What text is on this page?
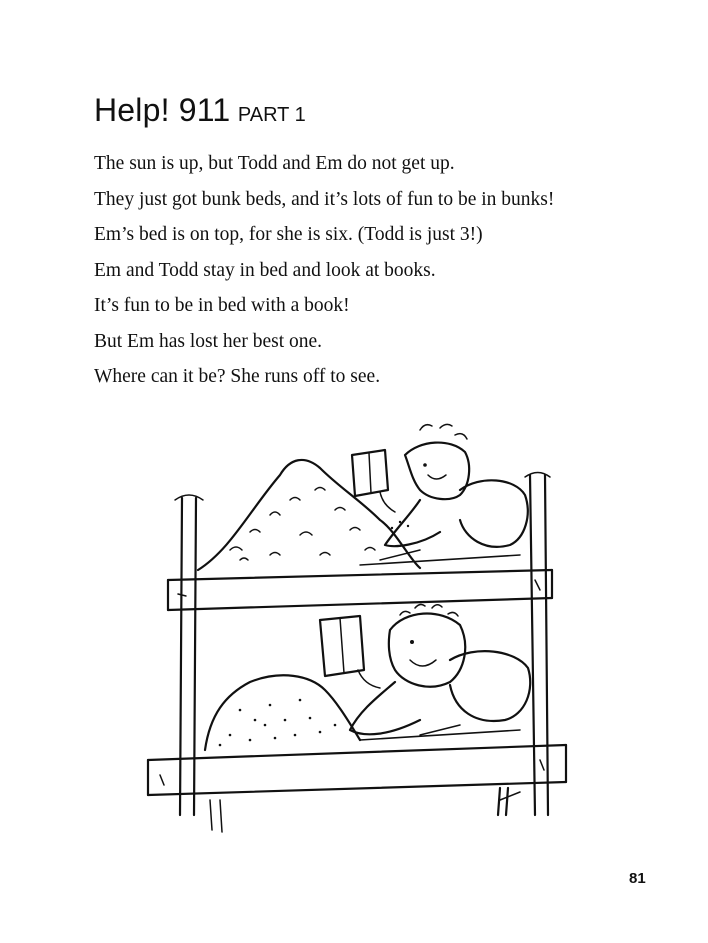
Help! 911 PART 1
The sun is up, but Todd and Em do not get up.
They just got bunk beds, and it’s lots of fun to be in bunks!
Em’s bed is on top, for she is six. (Todd is just 3!)
Em and Todd stay in bed and look at books.
It’s fun to be in bed with a book!
But Em has lost her best one.
Where can it be? She runs off to see.
81
